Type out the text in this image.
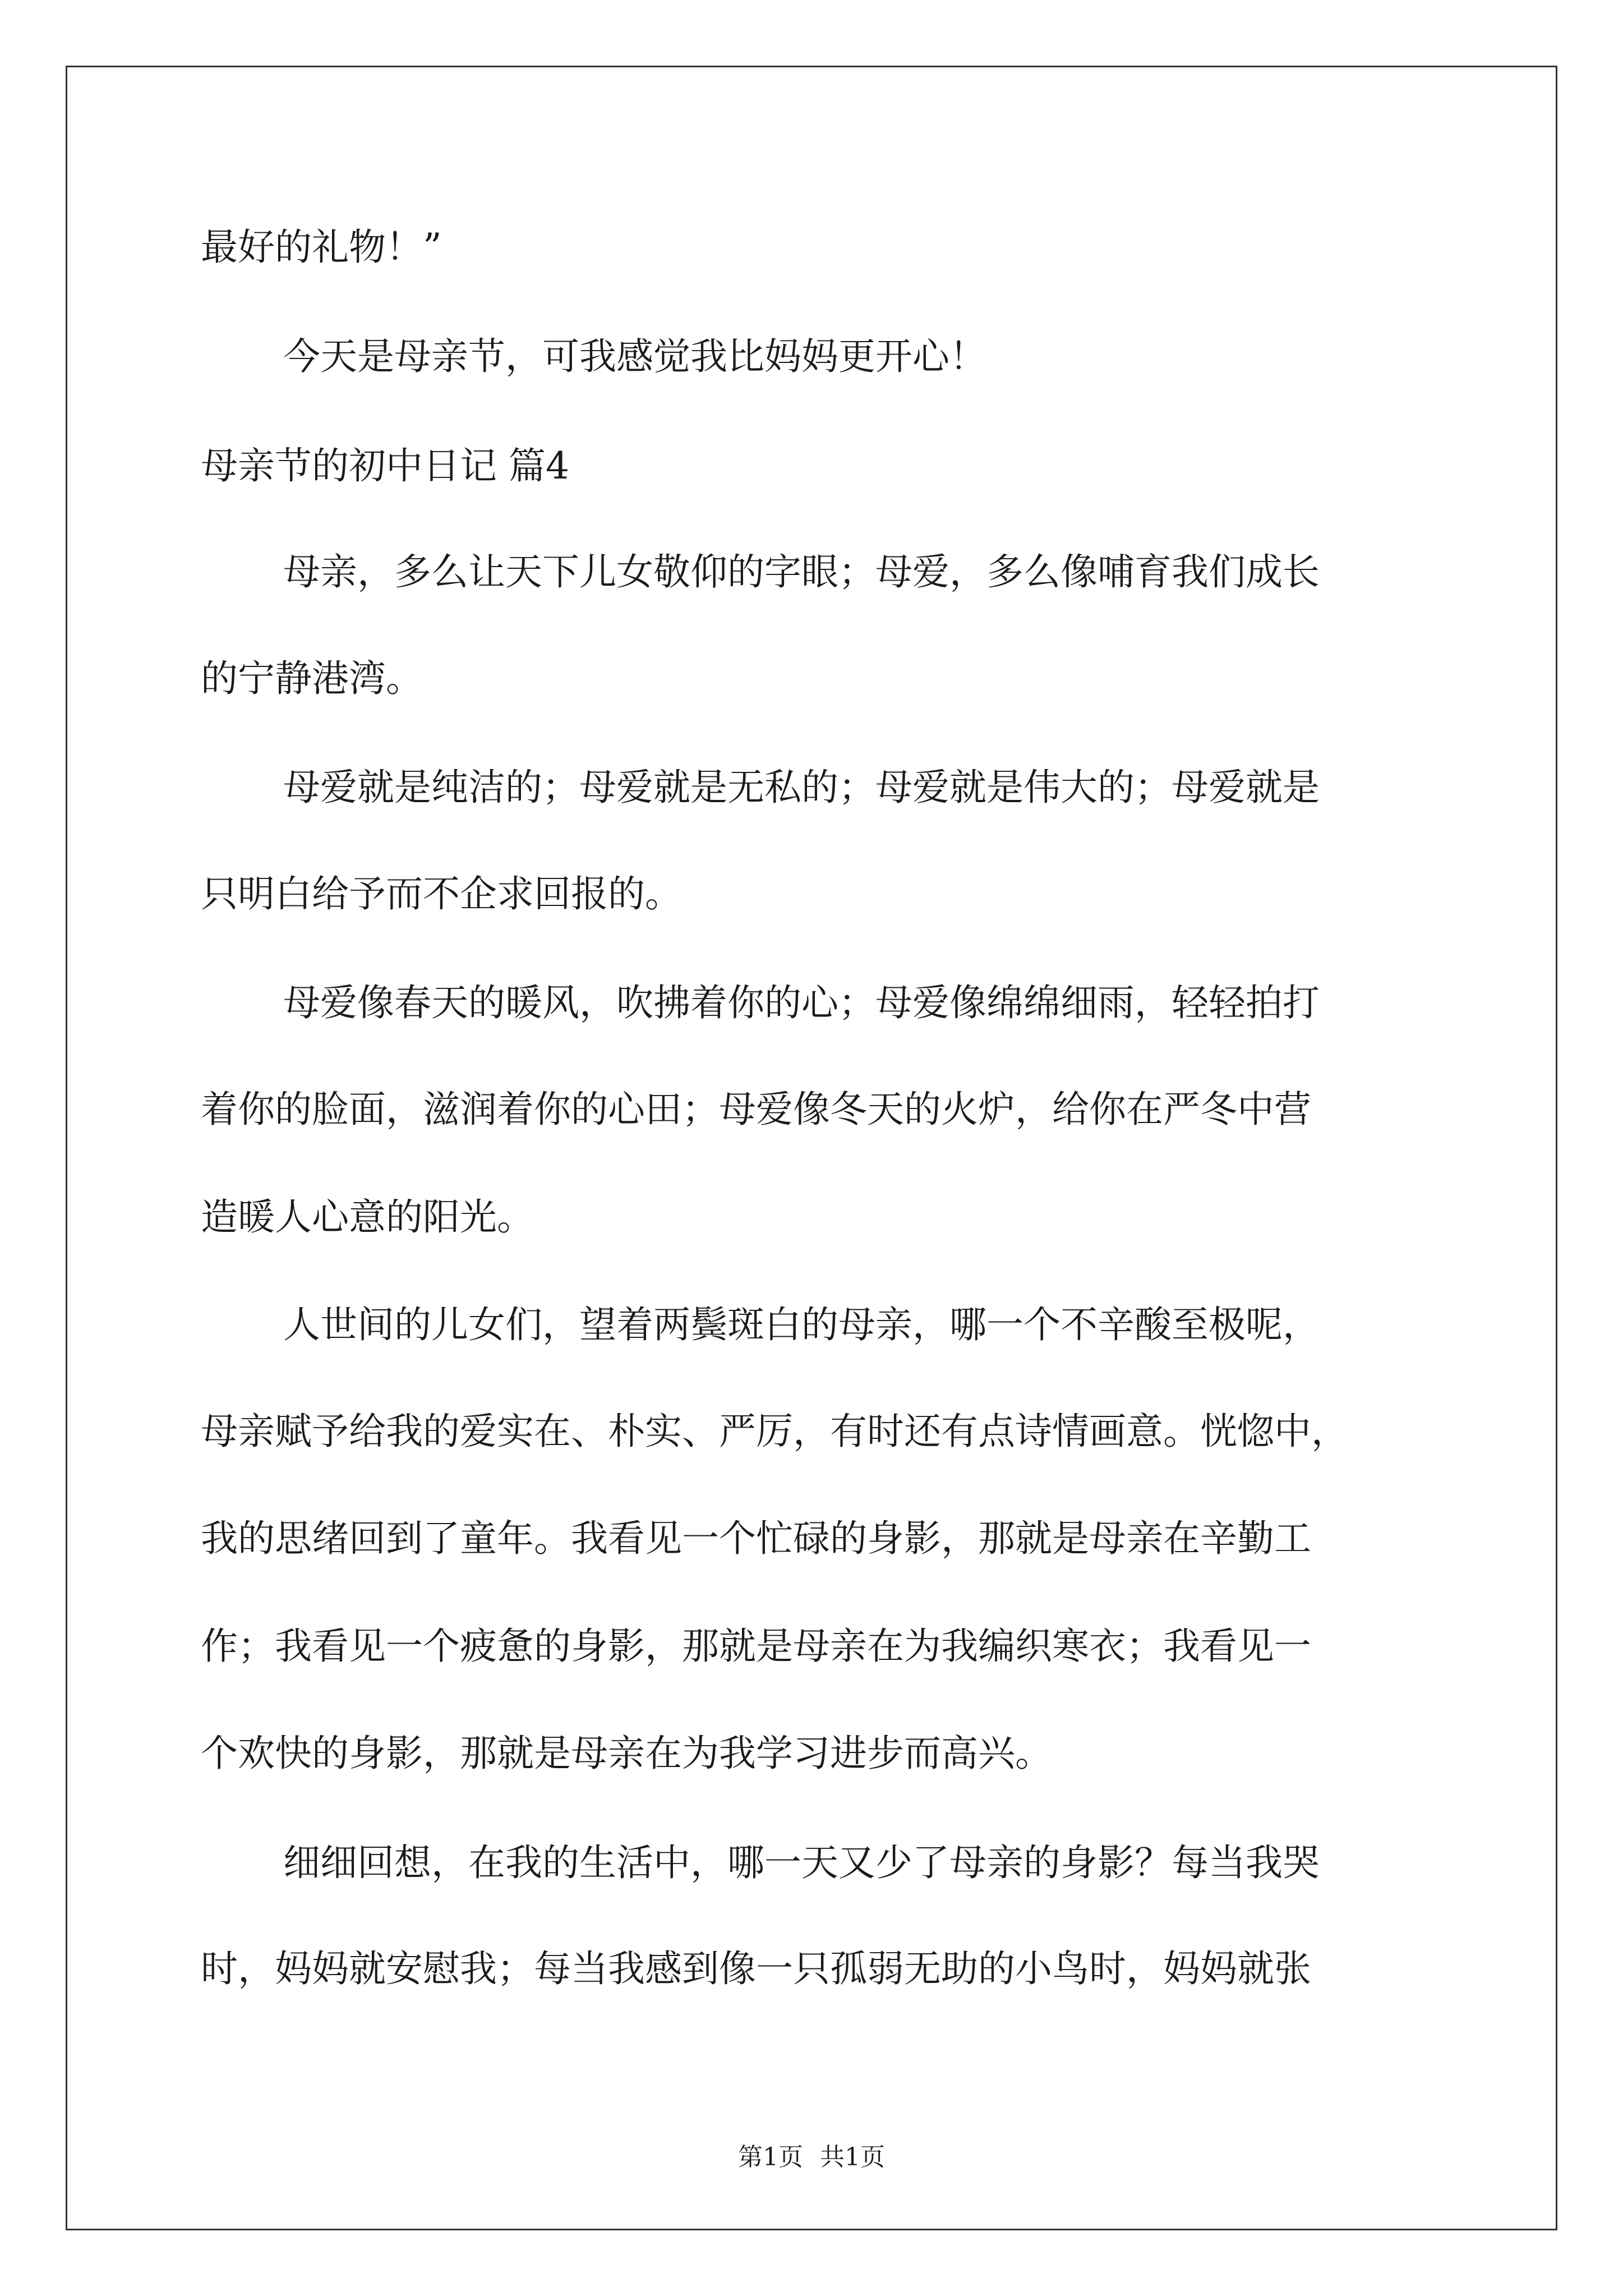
最好的礼物！”

今天是母亲节，可我感觉我比妈妈更开心！

母亲节的初中日记 篇4

母亲，多么让天下儿女敬仰的字眼；母爱，多么像哺育我们成长

的宁静港湾。

母爱就是纯洁的；母爱就是无私的；母爱就是伟大的；母爱就是

只明白给予而不企求回报的。

母爱像春天的暖风，吹拂着你的心；母爱像绵绵细雨，轻轻拍打

着你的脸面，滋润着你的心田；母爱像冬天的火炉，给你在严冬中营

造暖人心意的阳光。

人世间的儿女们，望着两鬓斑白的母亲，哪一个不辛酸至极呢，

母亲赋予给我的爱实在、朴实、严厉，有时还有点诗情画意。恍惚中，

我的思绪回到了童年。我看见一个忙碌的身影，那就是母亲在辛勤工

作；我看见一个疲惫的身影，那就是母亲在为我编织寒衣；我看见一

个欢快的身影，那就是母亲在为我学习进步而高兴。

细细回想，在我的生活中，哪一天又少了母亲的身影？每当我哭

时，妈妈就安慰我；每当我感到像一只孤弱无助的小鸟时，妈妈就张

第1页 共1页
